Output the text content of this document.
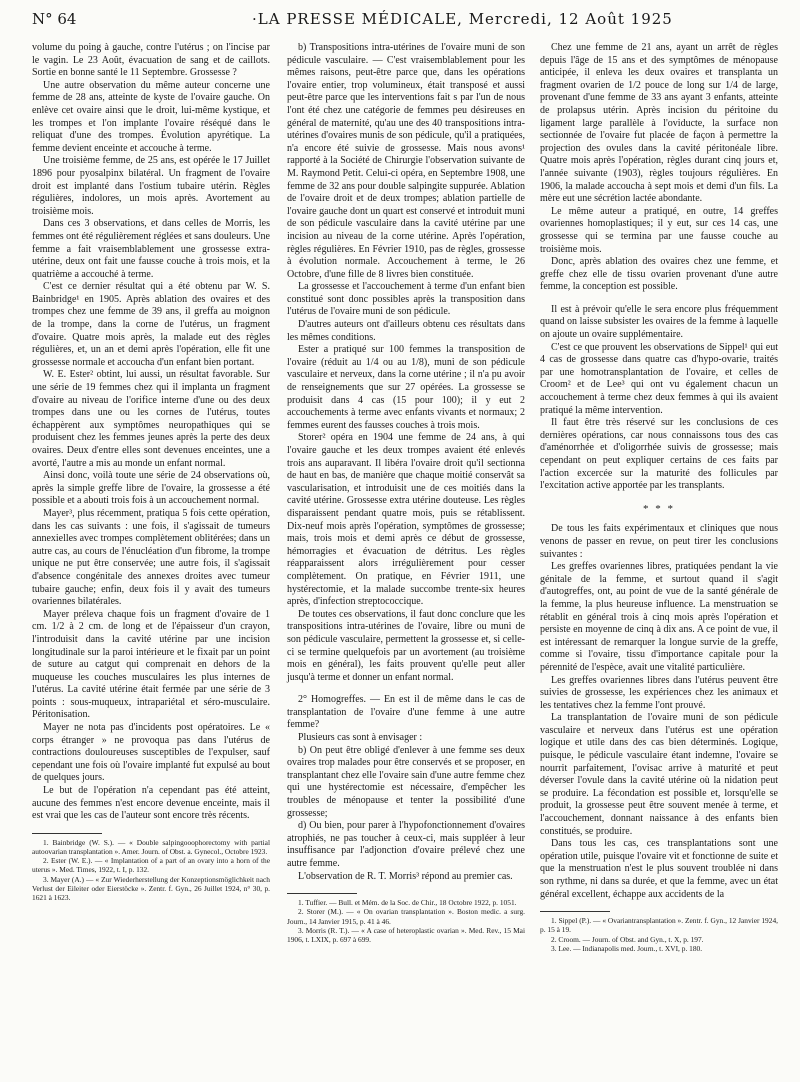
N° 64	·LA PRESSE MÉDICALE, Mercredi, 12 Août 1925

volume du poing à gauche, contre l'utérus ; on l'incise par le vagin. Le 23 Août, évacuation de sang et de caillots. Sortie en bonne santé le 11 Septembre. Grossesse ?

Une autre observation du même auteur concerne une femme de 28 ans, atteinte de kyste de l'ovaire gauche. On enlève cet ovaire ainsi que le droit, lui-même kystique, et les trompes et l'on implante l'ovaire réséqué dans le reliquat d'une des trompes. Évolution apyrétique. La femme devient enceinte et accouche à terme.

Une troisième femme, de 25 ans, est opérée le 17 Juillet 1896 pour pyosalpinx bilatéral. Un fragment de l'ovaire droit est implanté dans l'ostium tubaire utérin. Règles régulières, indolores, un mois après. Avortement au troisième mois.

Dans ces 3 observations, et dans celles de Morris, les femmes ont été régulièrement réglées et sans douleurs. Une femme a fait vraisemblablement une grossesse extra-utérine, deux ont fait une fausse couche à trois mois, et la quatrième a accouché à terme.

C'est ce dernier résultat qui a été obtenu par W. S. Bainbridge¹ en 1905. Après ablation des ovaires et des trompes chez une femme de 39 ans, il greffa au moignon de la trompe, dans la corne de l'utérus, un fragment d'ovaire. Quatre mois après, la malade eut des règles régulières, et, un an et demi après l'opération, elle fit une grossesse normale et accoucha d'un enfant bien portant.

W. E. Ester² obtint, lui aussi, un résultat favorable. Sur une série de 19 femmes chez qui il implanta un fragment d'ovaire au niveau de l'orifice interne d'une ou des deux trompes dans une ou les cornes de l'utérus, toutes échappèrent aux symptômes neuropathiques qui se produisent chez les femmes jeunes après la perte des deux ovaires. Deux d'entre elles sont devenues enceintes, une a avorté, l'autre a mis au monde un enfant normal.

Ainsi donc, voilà toute une série de 24 observations où, après la simple greffe libre de l'ovaire, la grossesse a été possible et a abouti trois fois à un accouchement normal.

Mayer³, plus récemment, pratiqua 5 fois cette opération, dans les cas suivants : une fois, il s'agissait de tumeurs annexielles avec trompes complètement oblitérées; dans un autre cas, au cours de l'énucléation d'un fibrome, la trompe unique ne put être conservée; une autre fois, il s'agissait d'absence congénitale des annexes droites avec tumeur tubaire gauche; enfin, deux fois il y avait des tumeurs ovariennes bilatérales.

Mayer préleva chaque fois un fragment d'ovaire de 1 cm. 1/2 à 2 cm. de long et de l'épaisseur d'un crayon, l'introduisit dans la cavité utérine par une incision longitudinale sur la paroi intérieure et le fixait par un point de suture au catgut qui comprenait en dehors de la muqueuse les couches musculaires les plus internes de l'utérus. La cavité utérine était fermée par une série de 3 points : sous-muqueux, intrapariétal et séro-musculaire. Péritonisation.

Mayer ne nota pas d'incidents post opératoires. Le « corps étranger » ne provoqua pas dans l'utérus de contractions douloureuses susceptibles de l'expulser, sauf cependant une fois où l'ovaire implanté fut expulsé au bout de quelques jours.

Le but de l'opération n'a cependant pas été atteint, aucune des femmes n'est encore devenue enceinte, mais il est vrai que les cas de l'auteur sont encore très récents.

1. Bainbridge (W. S.). — « Double salpingooophorectomy with partial autoovarian transplantation ». Amer. Journ. of Obst. a. Gynecol., Octobre 1923.

2. Ester (W. E.). — « Implantation of a part of an ovary into a horn of the uterus ». Med. Times, 1922, t. I, p. 132.

3. Mayer (A.) — « Zur Wiederherstellung der Konzeptionsmöglichkeit nach Verlust der Eileiter oder Eierstöcke ». Zentr. f. Gyn., 26 Juillet 1924, n° 30, p. 1621 à 1623.

b) Transpositions intra-utérines de l'ovaire muni de son pédicule vasculaire. — C'est vraisemblablement pour les mêmes raisons, peut-être parce que, dans les opérations l'ovaire entier, trop volumineux, était transposé et aussi peut-être parce que les interventions fait s par l'un de nous l'ont été chez une catégorie de femmes peu désireuses en général de maternité, qu'au une des 40 transpositions intra-utérines d'ovaires munis de son pédicule, qu'il a pratiquées, n'a encore été suivie de grossesse. Mais nous avons¹ rapporté à la Société de Chirurgie l'observation suivante de M. Raymond Petit. Celui-ci opéra, en Septembre 1908, une femme de 32 ans pour double salpingite suppurée. Ablation de l'ovaire droit et de deux trompes; ablation partielle de l'ovaire gauche dont un quart est conservé et introduit muni de son pédicule vasculaire dans la cavité utérine par une incision au niveau de la corne utérine. Après l'opération, règles régulières. En Février 1910, pas de règles, grossesse à évolution normale. Accouchement à terme, le 26 Octobre, d'une fille de 8 livres bien constituée.

La grossesse et l'accouchement à terme d'un enfant bien constitué sont donc possibles après la transposition dans l'utérus de l'ovaire muni de son pédicule.

D'autres auteurs ont d'ailleurs obtenu ces résultats dans les mêmes conditions.

Ester a pratiqué sur 100 femmes la transposition de l'ovaire (réduit au 1/4 ou au 1/8), muni de son pédicule vasculaire et nerveux, dans la corne utérine ; il n'a pu avoir de renseignements que sur 27 opérées. La grossesse se produisit dans 4 cas (15 pour 100); il y eut 2 accouchements à terme avec enfants vivants et normaux; 2 femmes eurent des fausses couches à trois mois.

Storer² opéra en 1904 une femme de 24 ans, à qui l'ovaire gauche et les deux trompes avaient été enlevés trois ans auparavant. Il libéra l'ovaire droit qu'il sectionna de haut en bas, de manière que chaque moitié conservât sa vascularisation, et introduisit une de ces moitiés dans la cavité utérine. Grossesse extra utérine douteuse. Les règles disparaissent pendant quatre mois, puis se rétablissent. Dix-neuf mois après l'opération, symptômes de grossesse; mais, trois mois et demi après ce début de grossesse, hémorragies et évacuation de détritus. Les règles réapparaissent alors irrégulièrement pour cesser complètement. On pratique, en Février 1911, une hystérectomie, et la malade succombe trente-six heures après, d'infection streptococcique.

De toutes ces observations, il faut donc conclure que les transpositions intra-utérines de l'ovaire, libre ou muni de son pédicule vasculaire, permettent la grossesse et, si celle-ci se termine quelquefois par un avortement (au troisième mois en général), les faits prouvent qu'elle peut aller jusqu'à terme et donner un enfant normal.

2° Homogreffes. — En est il de même dans le cas de transplantation de l'ovaire d'une femme à une autre femme?

Plusieurs cas sont à envisager :

b) On peut être obligé d'enlever à une femme ses deux ovaires trop malades pour être conservés et se proposer, en transplantant chez elle l'ovaire sain d'une autre femme chez qui une hystérectomie est nécessaire, d'empêcher les troubles de ménopause et tenter la possibilité d'une grossesse;

d) Ou bien, pour parer à l'hypofonctionnement d'ovaires atrophiés, ne pas toucher à ceux-ci, mais suppléer à leur insuffisance par l'adjonction d'ovaire prélevé chez une autre femme.

L'observation de R. T. Morris³ répond au premier cas.

1. Tuffier. — Bull. et Mém. de la Soc. de Chir., 18 Octobre 1922, p. 1051.

2. Storer (M.). — « On ovarian transplantation ». Boston medic. a surg. Journ., 14 Janvier 1915, p. 41 à 46.

3. Morris (R. T.). — « A case of heteroplastic ovarian ». Med. Rev., 15 Mai 1906, t. LXIX, p. 697 à 699.

Chez une femme de 21 ans, ayant un arrêt de règles depuis l'âge de 15 ans et des symptômes de ménopause anticipée, il enleva les deux ovaires et transplanta un fragment ovarien de 1/2 pouce de long sur 1/4 de large, provenant d'une femme de 33 ans ayant 3 enfants, atteinte de prolapsus utérin. Après incision du péritoine du ligament large parallèle à l'oviducte, la surface non sectionnée de l'ovaire fut placée de façon à permettre la projection des ovules dans la cavité péritonéale libre. Quatre mois après l'opération, règles durant cinq jours et, l'année suivante (1903), règles toujours régulières. En 1906, la malade accoucha à sept mois et demi d'un fils. La mère eut une sécrétion lactée abondante.

Le même auteur a pratiqué, en outre, 14 greffes ovariennes homoplastiques; il y eut, sur ces 14 cas, une grossesse qui se termina par une fausse couche au troisième mois.

Donc, après ablation des ovaires chez une femme, et greffe chez elle de tissu ovarien provenant d'une autre femme, la conception est possible.

Il est à prévoir qu'elle le sera encore plus fréquemment quand on laisse subsister les ovaires de la femme à laquelle on ajoute un ovaire supplémentaire.

C'est ce que prouvent les observations de Sippel¹ qui eut 4 cas de grossesse dans quatre cas d'hypo-ovarie, traités par une homotransplantation de l'ovaire, et celles de Croom² et de Lee³ qui ont vu également chacun un accouchement à terme chez deux femmes à qui ils avaient pratiqué la même intervention.

Il faut être très réservé sur les conclusions de ces dernières opérations, car nous connaissons tous des cas d'aménorrhée et d'oligorrhée suivis de grossesse; mais cependant on peut expliquer certains de ces faits par l'action excercée sur la maturité des follicules par l'excitation active apportée par les transplants.

* * *

De tous les faits expérimentaux et cliniques que nous venons de passer en revue, on peut tirer les conclusions suivantes :

Les greffes ovariennes libres, pratiquées pendant la vie génitale de la femme, et surtout quand il s'agit d'autogreffes, ont, au point de vue de la santé générale de la femme, la plus heureuse influence. La menstruation se rétablit en général trois à cinq mois après l'opération et persiste en moyenne de cinq à dix ans. A ce point de vue, il est intéressant de remarquer la longue survie de la greffe, comme si l'ovaire, tissu d'importance capitale pour la pérennité de l'espèce, avait une vitalité particulière.

Les greffes ovariennes libres dans l'utérus peuvent être suivies de grossesse, les expériences chez les animaux et les tentatives chez la femme l'ont prouvé.

La transplantation de l'ovaire muni de son pédicule vasculaire et nerveux dans l'utérus est une opération logique et utile dans des cas bien déterminés. Logique, puisque, le pédicule vasculaire étant indemne, l'ovaire se nourrit parfaitement, l'ovisac arrive à maturité et peut déverser l'ovule dans la cavité utérine où la nidation peut se produire. La fécondation est possible et, lorsqu'elle se produit, la grossesse peut être souvent menée à terme, et l'accouchement, donnant naissance à des enfants bien constitués, se produire.

Dans tous les cas, ces transplantations sont une opération utile, puisque l'ovaire vit et fonctionne de suite et que la menstruation n'est le plus souvent troublée ni dans son rythme, ni dans sa durée, et que la femme, avec un état général excellent, échappe aux accidents de la

1. Sippel (P.). — « Ovariantransplantation ». Zentr. f. Gyn., 12 Janvier 1924, p. 15 à 19.

2. Croom. — Journ. of Obst. and Gyn., t. X, p. 197.

3. Lee. — Indianapolis med. Journ., t. XVI, p. 180.
